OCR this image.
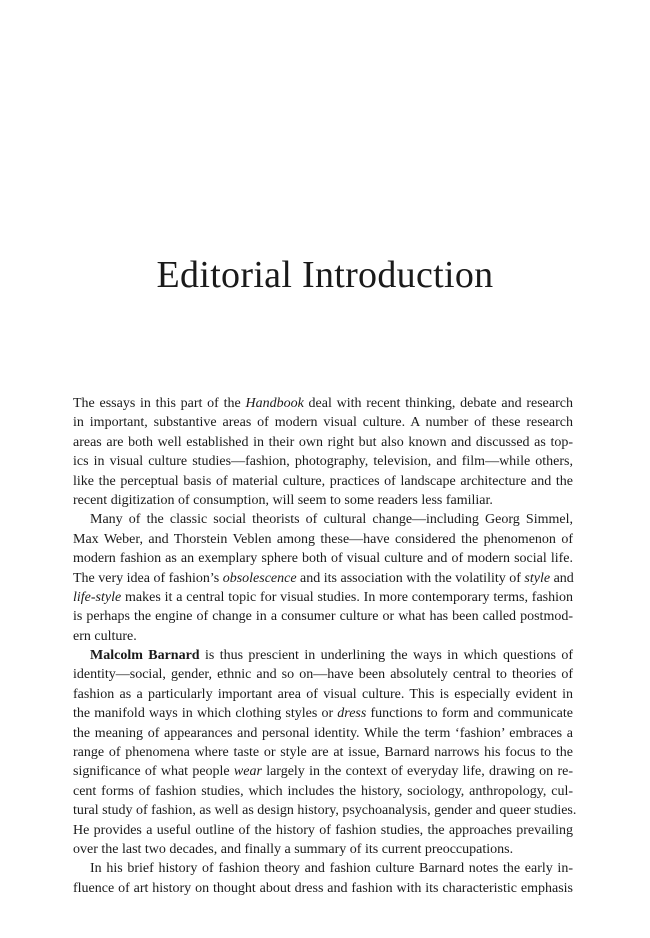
Editorial Introduction
The essays in this part of the Handbook deal with recent thinking, debate and research
in important, substantive areas of modern visual culture. A number of these research
areas are both well established in their own right but also known and discussed as top-
ics in visual culture studies—fashion, photography, television, and film—while others,
like the perceptual basis of material culture, practices of landscape architecture and the
recent digitization of consumption, will seem to some readers less familiar.
Many of the classic social theorists of cultural change—including Georg Simmel,
Max Weber, and Thorstein Veblen among these—have considered the phenomenon of
modern fashion as an exemplary sphere both of visual culture and of modern social life.
The very idea of fashion’s obsolescence and its association with the volatility of style and
life-style makes it a central topic for visual studies. In more contemporary terms, fashion
is perhaps the engine of change in a consumer culture or what has been called postmod-
ern culture.
Malcolm Barnard is thus prescient in underlining the ways in which questions of
identity—social, gender, ethnic and so on—have been absolutely central to theories of
fashion as a particularly important area of visual culture. This is especially evident in
the manifold ways in which clothing styles or dress functions to form and communicate
the meaning of appearances and personal identity. While the term ‘fashion’ embraces a
range of phenomena where taste or style are at issue, Barnard narrows his focus to the
significance of what people wear largely in the context of everyday life, drawing on re-
cent forms of fashion studies, which includes the history, sociology, anthropology, cul-
tural study of fashion, as well as design history, psychoanalysis, gender and queer studies.
He provides a useful outline of the history of fashion studies, the approaches prevailing
over the last two decades, and finally a summary of its current preoccupations.
In his brief history of fashion theory and fashion culture Barnard notes the early in-
fluence of art history on thought about dress and fashion with its characteristic emphasis
